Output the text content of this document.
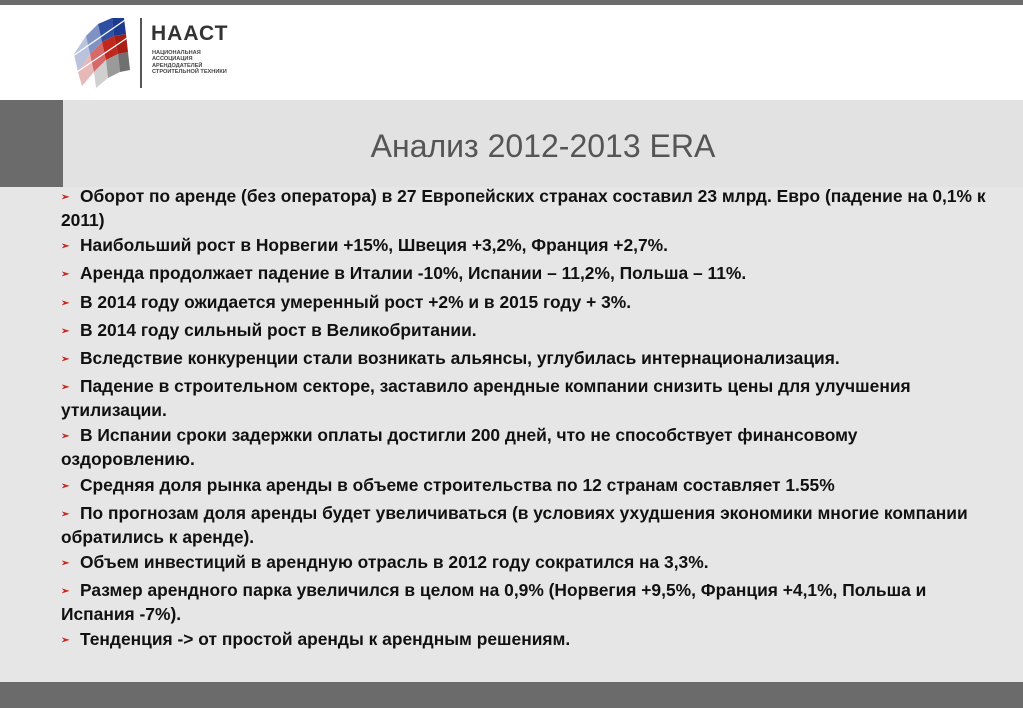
НААСТ
НАЦИОНАЛЬНАЯ АССОЦИАЦИЯ АРЕНДОДАТЕЛЕЙ СТРОИТЕЛЬНОЙ ТЕХНИКИ
Анализ 2012-2013 ERA
➢ Оборот по аренде (без оператора) в 27 Европейских странах составил 23 млрд. Евро (падение на 0,1% к 2011)
➢ Наибольший рост в Норвегии +15%, Швеция +3,2%, Франция +2,7%.
➢ Аренда продолжает падение в Италии -10%, Испании – 11,2%, Польша – 11%.
➢ В 2014 году ожидается умеренный рост +2% и в 2015 году + 3%.
➢ В 2014 году сильный рост в Великобритании.
➢ Вследствие конкуренции стали возникать альянсы, углубилась интернационализация.
➢ Падение в строительном секторе, заставило арендные компании снизить цены для улучшения утилизации.
➢ В Испании сроки задержки оплаты достигли 200 дней, что не способствует финансовому оздоровлению.
➢ Средняя доля рынка аренды в объеме строительства по 12 странам составляет 1.55%
➢ По прогнозам доля аренды будет увеличиваться (в условиях ухудшения экономики многие компании обратились к аренде).
➢ Объем инвестиций в арендную отрасль в 2012 году сократился на 3,3%.
➢ Размер арендного парка увеличился в целом на 0,9% (Норвегия +9,5%, Франция +4,1%, Польша и Испания -7%).
➢ Тенденция -> от простой аренды к арендным решениям.
